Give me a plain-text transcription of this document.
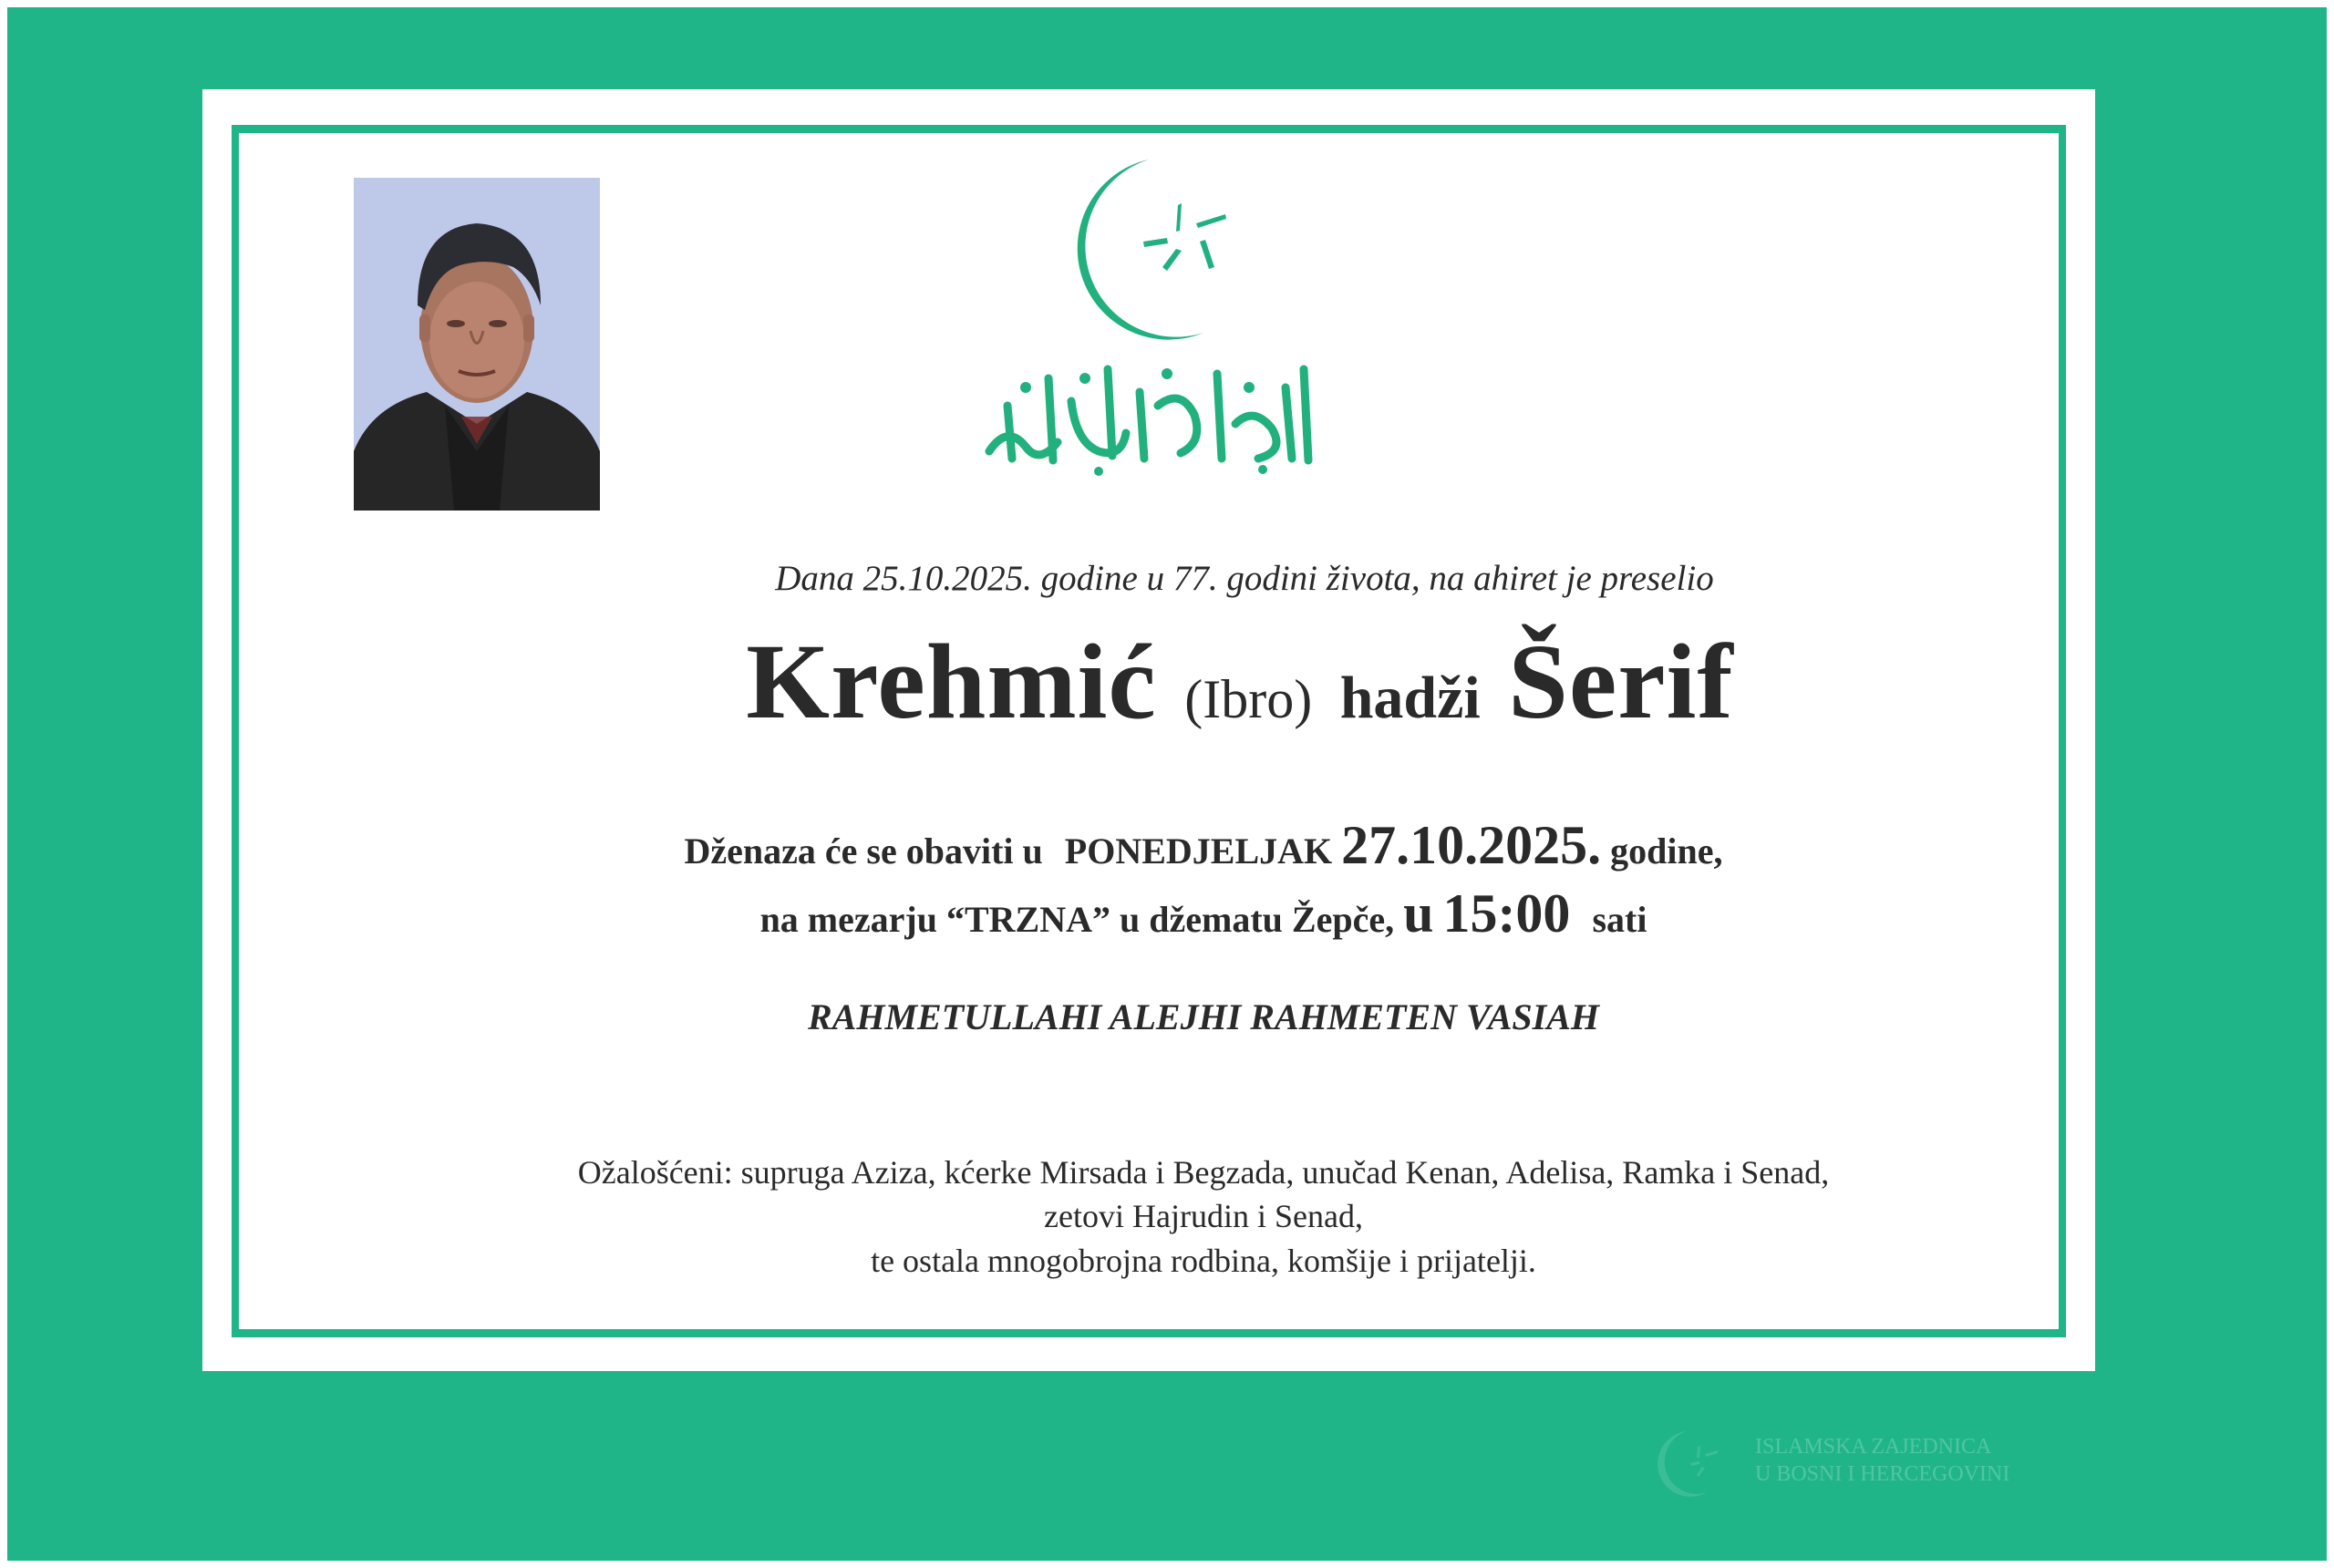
Dana 25.10.2025. godine u 77. godini života, na ahiret je preselio
Krehmić (Ibro) hadži Šerif
Dženaza će se obaviti u PONEDJELJAK 27.10.2025. godine,
na mezarju “TRZNA” u džematu Žepče, u 15:00 sati
RAHMETULLAHI ALEJHI RAHMETEN VASIAH
Ožalošćeni: supruga Aziza, kćerke Mirsada i Begzada, unučad Kenan, Adelisa, Ramka i Senad,
zetovi Hajrudin i Senad,
te ostala mnogobrojna rodbina, komšije i prijatelji.
ISLAMSKA ZAJEDNICA
U BOSNI I HERCEGOVINI
